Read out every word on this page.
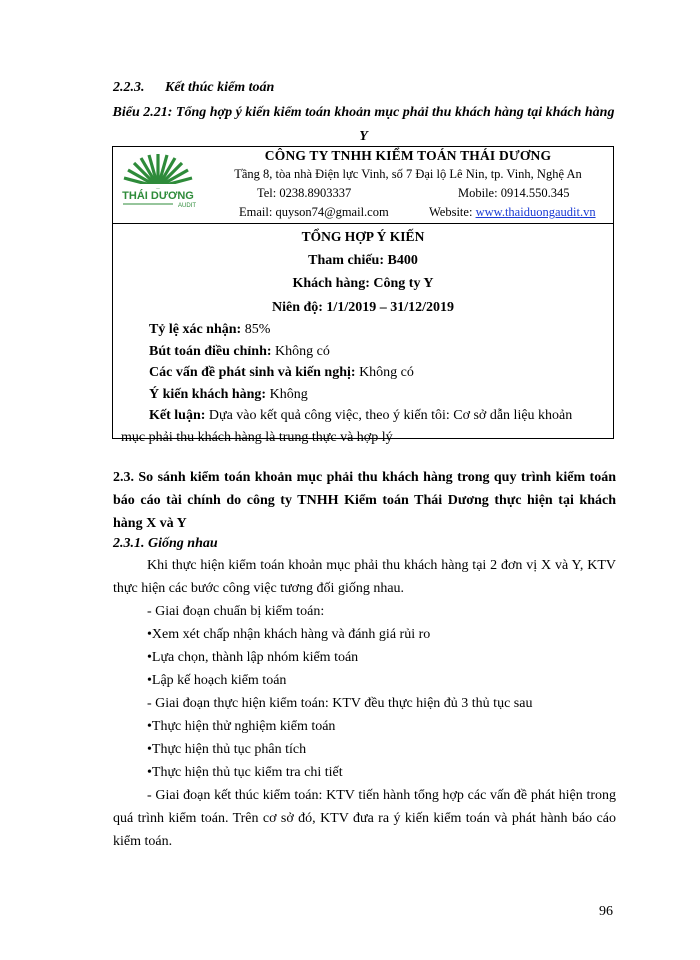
2.2.3. Kết thúc kiểm toán
Biểu 2.21: Tổng hợp ý kiến kiểm toán khoản mục phải thu khách hàng tại khách hàng Y
THÁI DƯƠNG
AUDIT
CÔNG TY TNHH KIỂM TOÁN THÁI DƯƠNG
Tầng 8, tòa nhà Điện lực Vinh, số 7 Đại lộ Lê Nin, tp. Vinh, Nghệ An
Tel: 0238.8903337	Mobile: 0914.550.345
Email: quyson74@gmail.com	Website: www.thaiduongaudit.vn
TỔNG HỢP Ý KIẾN
Tham chiếu: B400
Khách hàng: Công ty Y
Niên độ: 1/1/2019 – 31/12/2019
Tỷ lệ xác nhận: 85%
Bút toán điều chỉnh: Không có
Các vấn đề phát sinh và kiến nghị: Không có
Ý kiến khách hàng: Không
Kết luận: Dựa vào kết quả công việc, theo ý kiến tôi: Cơ sở dẫn liệu khoản
mục phải thu khách hàng là trung thực và hợp lý
2.3. So sánh kiểm toán khoản mục phải thu khách hàng trong quy trình kiểm toán báo cáo tài chính do công ty TNHH Kiểm toán Thái Dương thực hiện tại khách hàng X và Y
2.3.1. Giống nhau
Khi thực hiện kiểm toán khoản mục phải thu khách hàng tại 2 đơn vị X và Y, KTV thực hiện các bước công việc tương đối giống nhau.
- Giai đoạn chuẩn bị kiểm toán:
•Xem xét chấp nhận khách hàng và đánh giá rủi ro
•Lựa chọn, thành lập nhóm kiểm toán
•Lập kế hoạch kiểm toán
- Giai đoạn thực hiện kiểm toán: KTV đều thực hiện đủ 3 thủ tục sau
•Thực hiện thử nghiệm kiểm toán
•Thực hiện thủ tục phân tích
•Thực hiện thủ tục kiểm tra chi tiết
- Giai đoạn kết thúc kiểm toán: KTV tiến hành tổng hợp các vấn đề phát hiện trong quá trình kiểm toán. Trên cơ sở đó, KTV đưa ra ý kiến kiểm toán và phát hành báo cáo kiểm toán.
96
